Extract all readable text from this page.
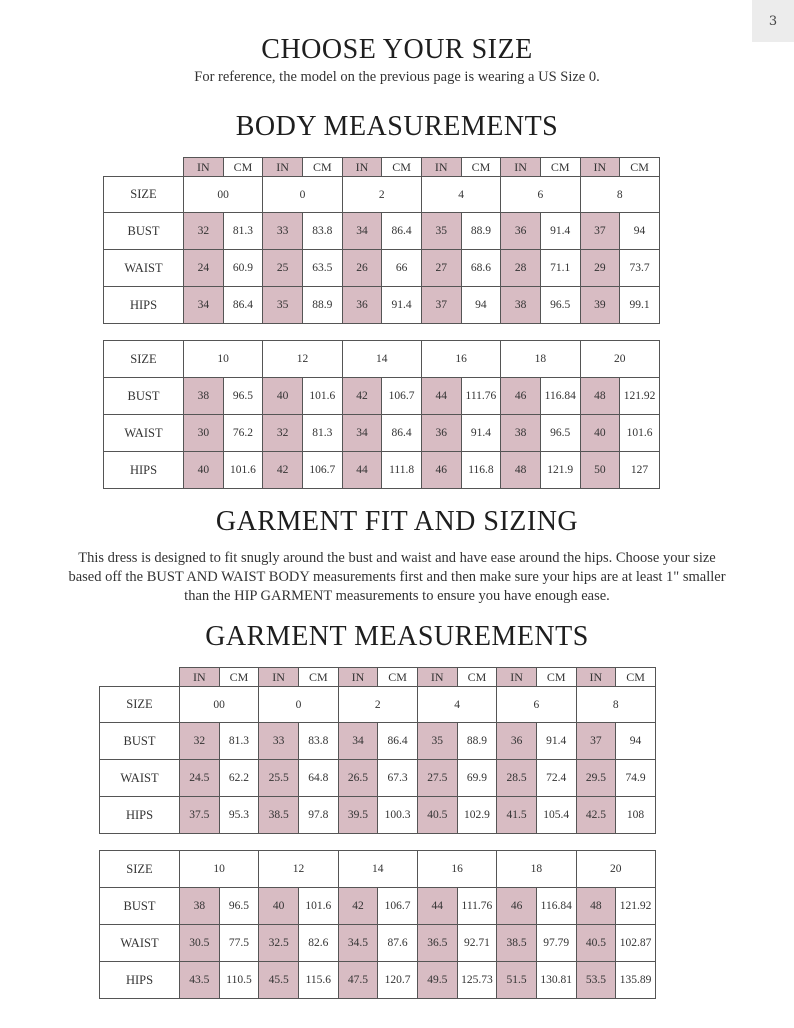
3
CHOOSE YOUR SIZE
For reference, the model on the previous page is wearing a US Size 0.
BODY MEASUREMENTS
	IN	CM	IN	CM	IN	CM	IN	CM	IN	CM	IN	CM
SIZE	00		0		2		4		6		8	
BUST	32	81.3	33	83.8	34	86.4	35	88.9	36	91.4	37	94
WAIST	24	60.9	25	63.5	26	66	27	68.6	28	71.1	29	73.7
HIPS	34	86.4	35	88.9	36	91.4	37	94	38	96.5	39	99.1
SIZE	10		12		14		16		18		20	
BUST	38	96.5	40	101.6	42	106.7	44	111.76	46	116.84	48	121.92
WAIST	30	76.2	32	81.3	34	86.4	36	91.4	38	96.5	40	101.6
HIPS	40	101.6	42	106.7	44	111.8	46	116.8	48	121.9	50	127
GARMENT FIT AND SIZING
This dress is designed to fit snugly around the bust and waist and have ease around the hips. Choose your size based off the BUST AND WAIST BODY measurements first and then make sure your hips are at least 1" smaller than the HIP GARMENT measurements to ensure you have enough ease.
GARMENT MEASUREMENTS
	IN	CM	IN	CM	IN	CM	IN	CM	IN	CM	IN	CM
SIZE	00		0		2		4		6		8	
BUST	32	81.3	33	83.8	34	86.4	35	88.9	36	91.4	37	94
WAIST	24.5	62.2	25.5	64.8	26.5	67.3	27.5	69.9	28.5	72.4	29.5	74.9
HIPS	37.5	95.3	38.5	97.8	39.5	100.3	40.5	102.9	41.5	105.4	42.5	108
SIZE	10		12		14		16		18		20	
BUST	38	96.5	40	101.6	42	106.7	44	111.76	46	116.84	48	121.92
WAIST	30.5	77.5	32.5	82.6	34.5	87.6	36.5	92.71	38.5	97.79	40.5	102.87
HIPS	43.5	110.5	45.5	115.6	47.5	120.7	49.5	125.73	51.5	130.81	53.5	135.89
